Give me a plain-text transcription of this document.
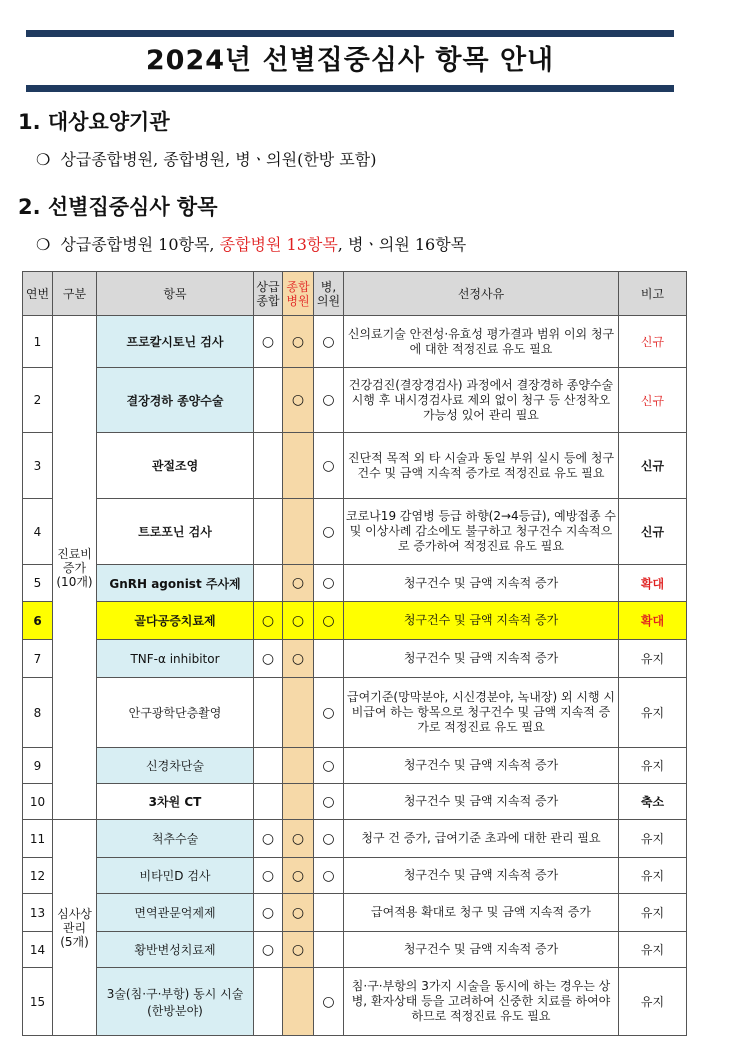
2024년 선별집중심사 항목 안내
1. 대상요양기관
❍ 상급종합병원, 종합병원, 병ㆍ의원(한방 포함)
2. 선별집중심사 항목
❍ 상급종합병원 10항목, 종합병원 13항목, 병ㆍ의원 16항목
연번	구분	항목	상급종합	종합병원	병,의원	선정사유	비고
1	진료비 증가 (10개)	프로칼시토닌 검사	○	○	○	신의료기술 안전성·유효성 평가결과 범위 이외 청구에 대한 적정진료 유도 필요	신규
2		결장경하 종양수술		○	○	건강검진(결장경검사) 과정에서 결장경하 종양수술 시행 후 내시경검사료 제외 없이 청구 등 산정착오 가능성 있어 관리 필요	신규
3		관절조영			○	진단적 목적 외 타 시술과 동일 부위 실시 등에 청구건수 및 금액 지속적 증가로 적정진료 유도 필요	신규
4		트로포닌 검사			○	코로나19 감염병 등급 하향(2→4등급), 예방접종 수 및 이상사례 감소에도 불구하고 청구건수 지속적으로 증가하여 적정진료 유도 필요	신규
5		GnRH agonist 주사제		○	○	청구건수 및 금액 지속적 증가	확대
6		골다공증치료제	○	○	○	청구건수 및 금액 지속적 증가	확대
7		TNF-α inhibitor	○	○		청구건수 및 금액 지속적 증가	유지
8		안구광학단층촬영			○	급여기준(망막분야, 시신경분야, 녹내장) 외 시행 시 비급여 하는 항목으로 청구건수 및 금액 지속적 증가로 적정진료 유도 필요	유지
9		신경차단술			○	청구건수 및 금액 지속적 증가	유지
10		3차원 CT			○	청구건수 및 금액 지속적 증가	축소
11	심사상 관리 (5개)	척추수술	○	○	○	청구 건 증가, 급여기준 초과에 대한 관리 필요	유지
12		비타민D 검사	○	○	○	청구건수 및 금액 지속적 증가	유지
13		면역관문억제제	○	○		급여적용 확대로 청구 및 금액 지속적 증가	유지
14		황반변성치료제	○	○		청구건수 및 금액 지속적 증가	유지
15		3술(침·구·부항) 동시 시술 (한방분야)			○	침·구·부항의 3가지 시술을 동시에 하는 경우는 상병, 환자상태 등을 고려하여 신중한 치료를 하여야 하므로 적정진료 유도 필요	유지
